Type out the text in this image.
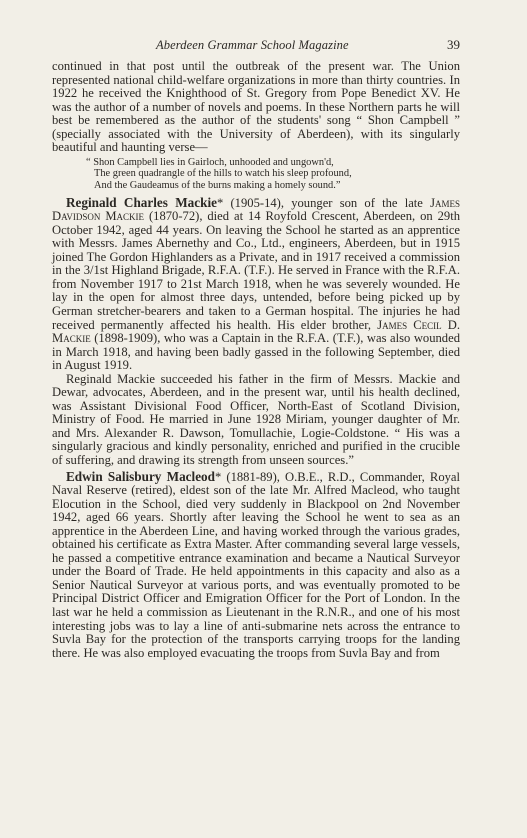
Aberdeen Grammar School Magazine	39

continued in that post until the outbreak of the present war. The Union represented national child-welfare organizations in more than thirty countries. In 1922 he received the Knighthood of St. Gregory from Pope Benedict XV. He was the author of a number of novels and poems. In these Northern parts he will best be remembered as the author of the students' song “ Shon Campbell ” (specially associated with the University of Aberdeen), with its singularly beautiful and haunting verse—

“ Shon Campbell lies in Gairloch, unhooded and ungown'd,
The green quadrangle of the hills to watch his sleep profound,
And the Gaudeamus of the burns making a homely sound.”

Reginald Charles Mackie* (1905-14), younger son of the late James Davidson Mackie (1870-72), died at 14 Royfold Crescent, Aberdeen, on 29th October 1942, aged 44 years. On leaving the School he started as an apprentice with Messrs. James Abernethy and Co., Ltd., engineers, Aberdeen, but in 1915 joined The Gordon Highlanders as a Private, and in 1917 received a commission in the 3/1st Highland Brigade, R.F.A. (T.F.). He served in France with the R.F.A. from November 1917 to 21st March 1918, when he was severely wounded. He lay in the open for almost three days, untended, before being picked up by German stretcher-bearers and taken to a German hospital. The injuries he had received permanently affected his health. His elder brother, James Cecil D. Mackie (1898-1909), who was a Captain in the R.F.A. (T.F.), was also wounded in March 1918, and having been badly gassed in the following September, died in August 1919.

Reginald Mackie succeeded his father in the firm of Messrs. Mackie and Dewar, advocates, Aberdeen, and in the present war, until his health declined, was Assistant Divisional Food Officer, North-East of Scotland Division, Ministry of Food. He married in June 1928 Miriam, younger daughter of Mr. and Mrs. Alexander R. Dawson, Tomullachie, Logie-Coldstone. “ His was a singularly gracious and kindly personality, enriched and purified in the crucible of suffering, and drawing its strength from unseen sources.”

Edwin Salisbury Macleod* (1881-89), O.B.E., R.D., Commander, Royal Naval Reserve (retired), eldest son of the late Mr. Alfred Macleod, who taught Elocution in the School, died very suddenly in Blackpool on 2nd November 1942, aged 66 years. Shortly after leaving the School he went to sea as an apprentice in the Aberdeen Line, and having worked through the various grades, obtained his certificate as Extra Master. After commanding several large vessels, he passed a competitive entrance examination and became a Nautical Surveyor under the Board of Trade. He held appointments in this capacity and also as a Senior Nautical Surveyor at various ports, and was eventually promoted to be Principal District Officer and Emigration Officer for the Port of London. In the last war he held a commission as Lieutenant in the R.N.R., and one of his most interesting jobs was to lay a line of anti-submarine nets across the entrance to Suvla Bay for the protection of the transports carrying troops for the landing there. He was also employed evacuating the troops from Suvla Bay and from
